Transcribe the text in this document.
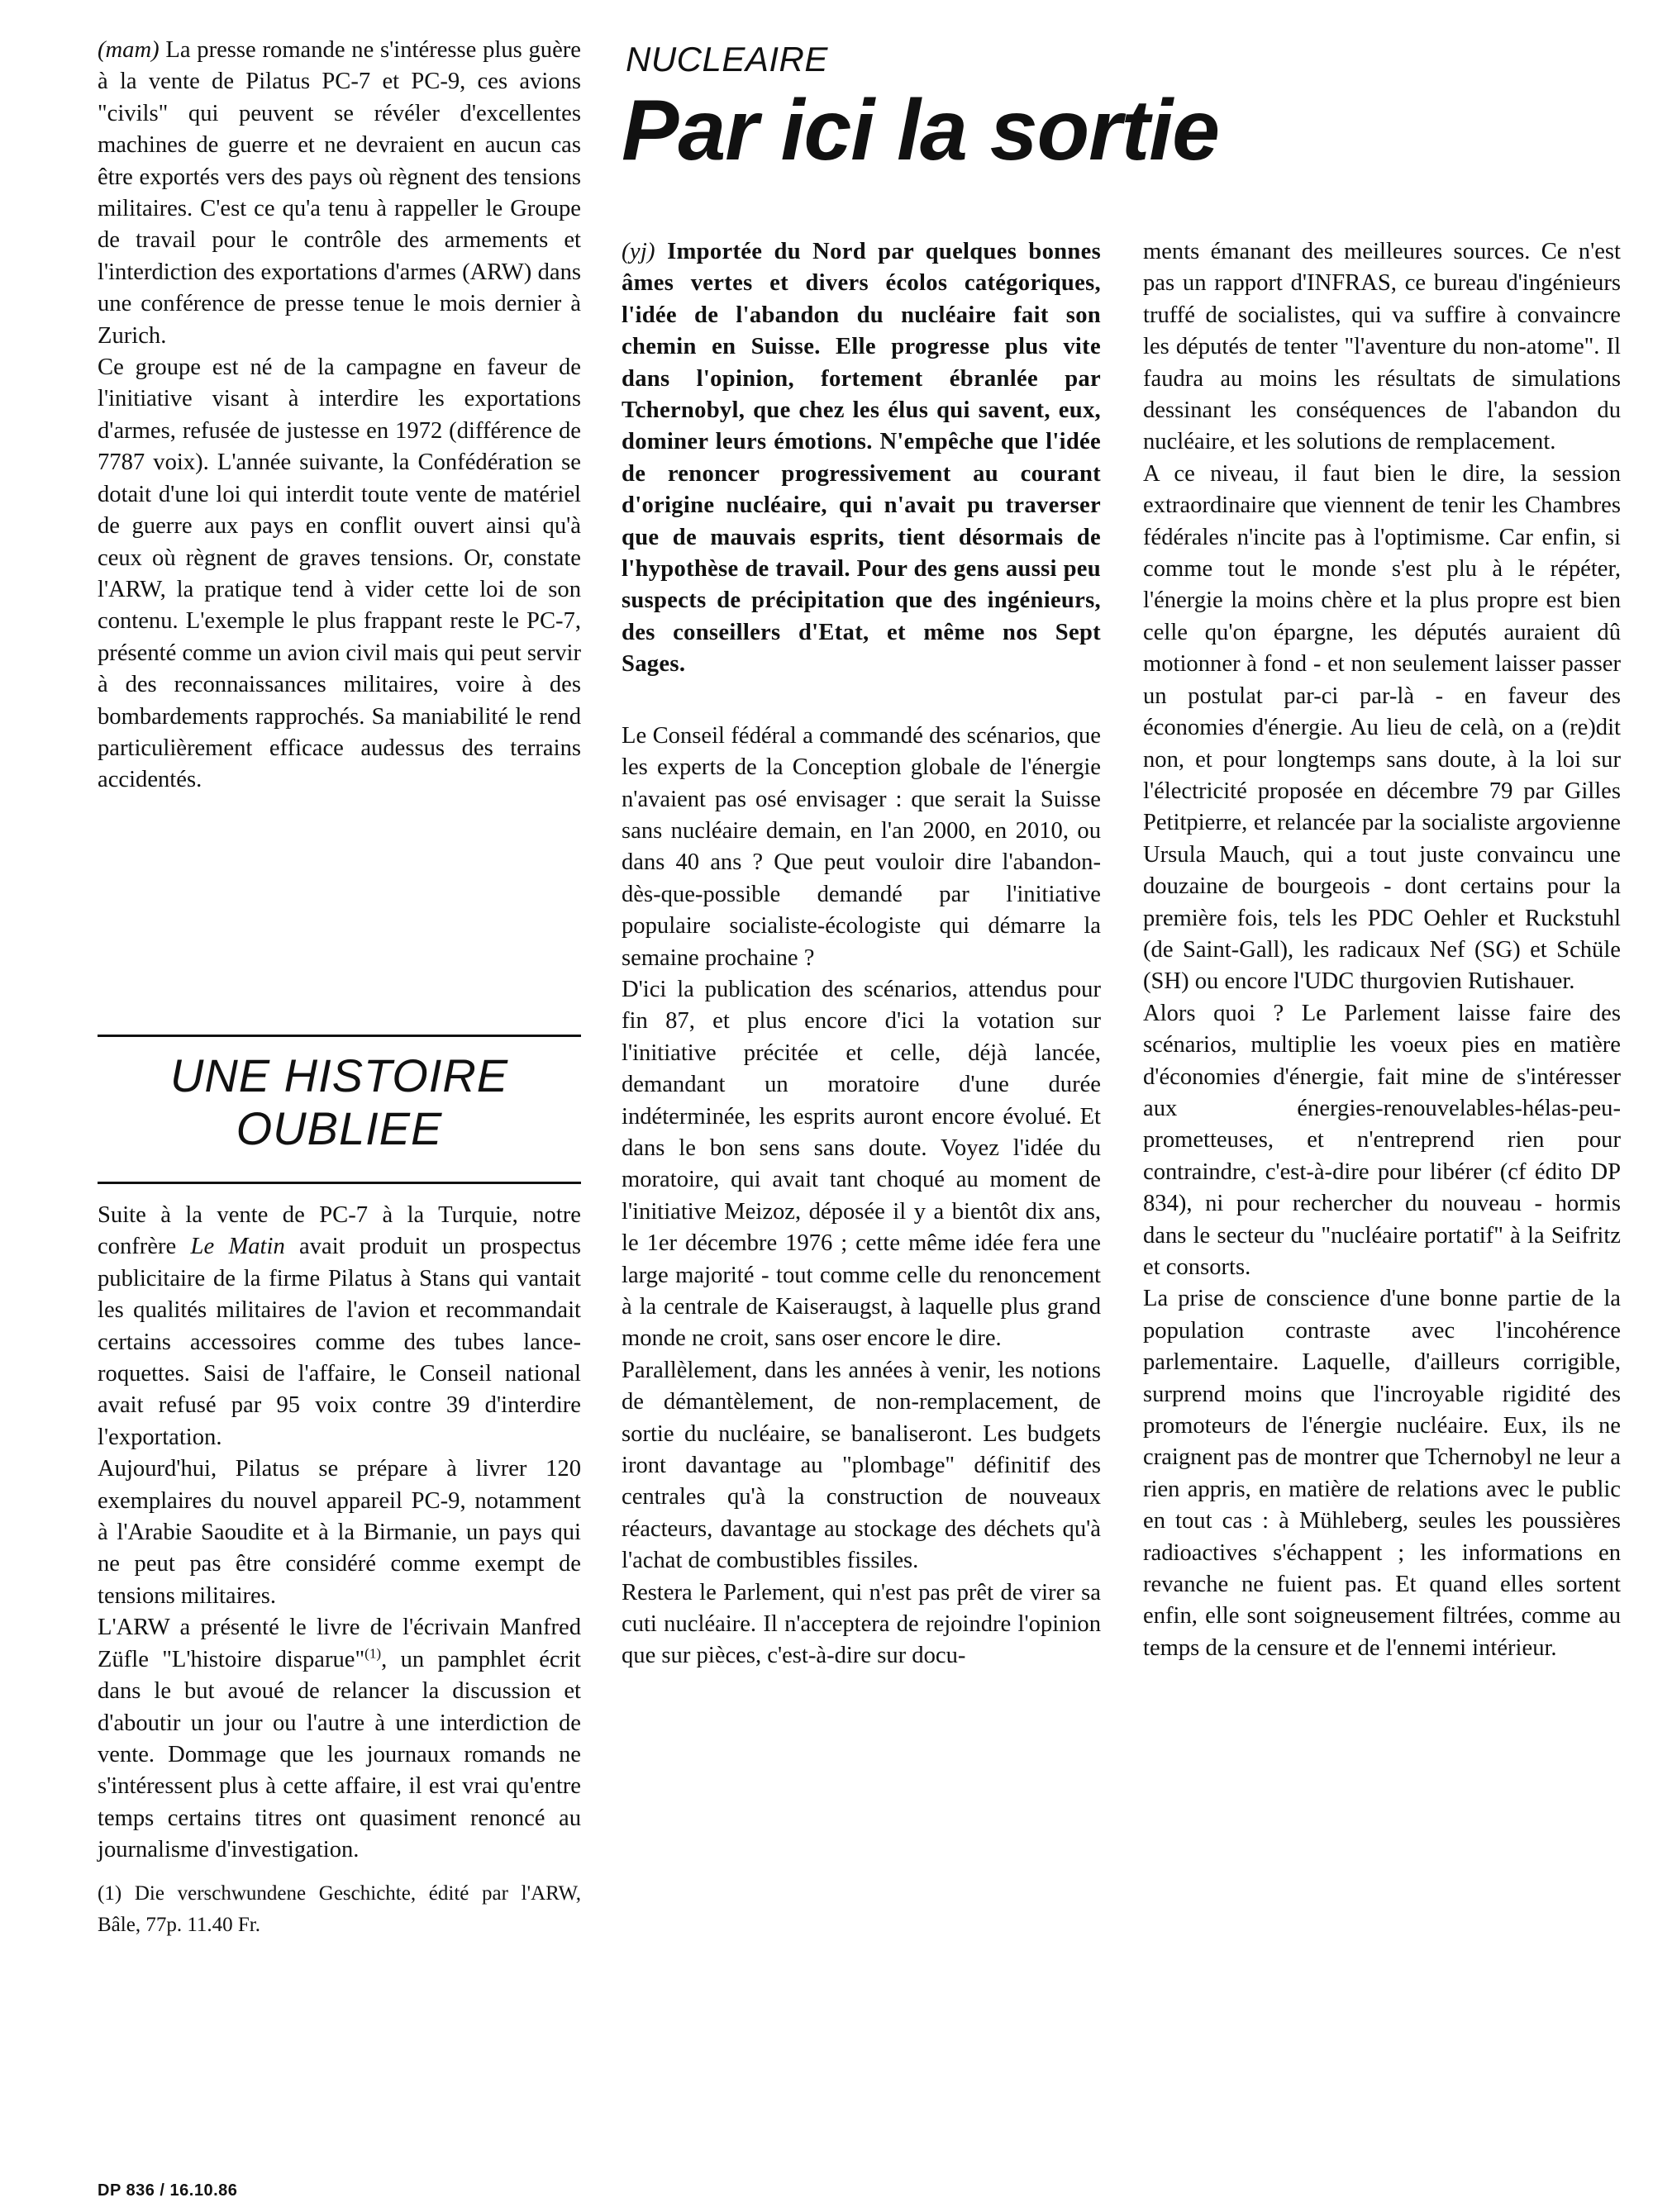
(mam) La presse romande ne s'intéresse plus guère à la vente de Pilatus PC-7 et PC-9, ces avions "civils" qui peuvent se révéler d'excellentes machines de guerre et ne devraient en aucun cas être exportés vers des pays où règnent des tensions militaires. C'est ce qu'a tenu à rappeller le Groupe de travail pour le contrôle des armements et l'interdiction des exportations d'armes (ARW) dans une conférence de presse tenue le mois dernier à Zurich.

Ce groupe est né de la campagne en faveur de l'initiative visant à interdire les exportations d'armes, refusée de justesse en 1972 (différence de 7787 voix). L'année suivante, la Confédération se dotait d'une loi qui interdit toute vente de matériel de guerre aux pays en conflit ouvert ainsi qu'à ceux où règnent de graves tensions. Or, constate l'ARW, la pratique tend à vider cette loi de son contenu. L'exemple le plus frappant reste le PC-7, présenté comme un avion civil mais qui peut servir à des reconnaissances militaires, voire à des bombardements rapprochés. Sa maniabilité le rend particulièrement efficace audessus des terrains accidentés.

UNE HISTOIRE
OUBLIEE

Suite à la vente de PC-7 à la Turquie, notre confrère Le Matin avait produit un prospectus publicitaire de la firme Pilatus à Stans qui vantait les qualités militaires de l'avion et recommandait certains accessoires comme des tubes lance-roquettes. Saisi de l'affaire, le Conseil national avait refusé par 95 voix contre 39 d'interdire l'exportation.

Aujourd'hui, Pilatus se prépare à livrer 120 exemplaires du nouvel appareil PC-9, notamment à l'Arabie Saoudite et à la Birmanie, un pays qui ne peut pas être considéré comme exempt de tensions militaires.

L'ARW a présenté le livre de l'écrivain Manfred Züfle "L'histoire disparue"$^{(1)}$, un pamphlet écrit dans le but avoué de relancer la discussion et d'aboutir un jour ou l'autre à une interdiction de vente. Dommage que les journaux romands ne s'intéressent plus à cette affaire, il est vrai qu'entre temps certains titres ont quasiment renoncé au journalisme d'investigation.

(1) Die verschwundene Geschichte, édité par l'ARW, Bâle, 77p. 11.40 Fr.

NUCLEAIRE
Par ici la sortie

(yj) Importée du Nord par quelques bonnes âmes vertes et divers écolos catégoriques, l'idée de l'abandon du nucléaire fait son chemin en Suisse. Elle progresse plus vite dans l'opinion, fortement ébranlée par Tchernobyl, que chez les élus qui savent, eux, dominer leurs émotions. N'empêche que l'idée de renoncer progressivement au courant d'origine nucléaire, qui n'avait pu traverser que de mauvais esprits, tient désormais de l'hypothèse de travail. Pour des gens aussi peu suspects de précipitation que des ingénieurs, des conseillers d'Etat, et même nos Sept Sages.

Le Conseil fédéral a commandé des scénarios, que les experts de la Conception globale de l'énergie n'avaient pas osé envisager : que serait la Suisse sans nucléaire demain, en l'an 2000, en 2010, ou dans 40 ans ? Que peut vouloir dire l'abandon-dès-que-possible demandé par l'initiative populaire socialiste-écologiste qui démarre la semaine prochaine ?

D'ici la publication des scénarios, attendus pour fin 87, et plus encore d'ici la votation sur l'initiative précitée et celle, déjà lancée, demandant un moratoire d'une durée indéterminée, les esprits auront encore évolué. Et dans le bon sens sans doute. Voyez l'idée du moratoire, qui avait tant choqué au moment de l'initiative Meizoz, déposée il y a bientôt dix ans, le 1er décembre 1976 ; cette même idée fera une large majorité - tout comme celle du renoncement à la centrale de Kaiseraugst, à laquelle plus grand monde ne croit, sans oser encore le dire.

Parallèlement, dans les années à venir, les notions de démantèlement, de non-remplacement, de sortie du nucléaire, se banaliseront. Les budgets iront davantage au "plombage" définitif des centrales qu'à la construction de nouveaux réacteurs, davantage au stockage des déchets qu'à l'achat de combustibles fissiles.

Restera le Parlement, qui n'est pas prêt de virer sa cuti nucléaire. Il n'acceptera de rejoindre l'opinion que sur pièces, c'est-à-dire sur docu-

ments émanant des meilleures sources. Ce n'est pas un rapport d'INFRAS, ce bureau d'ingénieurs truffé de socialistes, qui va suffire à convaincre les députés de tenter "l'aventure du non-atome". Il faudra au moins les résultats de simulations dessinant les conséquences de l'abandon du nucléaire, et les solutions de remplacement.

A ce niveau, il faut bien le dire, la session extraordinaire que viennent de tenir les Chambres fédérales n'incite pas à l'optimisme. Car enfin, si comme tout le monde s'est plu à le répéter, l'énergie la moins chère et la plus propre est bien celle qu'on épargne, les députés auraient dû motionner à fond - et non seulement laisser passer un postulat par-ci par-là - en faveur des économies d'énergie. Au lieu de celà, on a (re)dit non, et pour longtemps sans doute, à la loi sur l'électricité proposée en décembre 79 par Gilles Petitpierre, et relancée par la socialiste argovienne Ursula Mauch, qui a tout juste convaincu une douzaine de bourgeois - dont certains pour la première fois, tels les PDC Oehler et Ruckstuhl (de Saint-Gall), les radicaux Nef (SG) et Schüle (SH) ou encore l'UDC thurgovien Rutishauer.

Alors quoi ? Le Parlement laisse faire des scénarios, multiplie les voeux pies en matière d'économies d'énergie, fait mine de s'intéresser aux énergies-renouvelables-hélas-peu-prometteuses, et n'entreprend rien pour contraindre, c'est-à-dire pour libérer (cf édito DP 834), ni pour rechercher du nouveau - hormis dans le secteur du "nucléaire portatif" à la Seifritz et consorts.

La prise de conscience d'une bonne partie de la population contraste avec l'incohérence parlementaire. Laquelle, d'ailleurs corrigible, surprend moins que l'incroyable rigidité des promoteurs de l'énergie nucléaire. Eux, ils ne craignent pas de montrer que Tchernobyl ne leur a rien appris, en matière de relations avec le public en tout cas : à Mühleberg, seules les poussières radioactives s'échappent ; les informations en revanche ne fuient pas. Et quand elles sortent enfin, elle sont soigneusement filtrées, comme au temps de la censure et de l'ennemi intérieur.

DP 836 / 16.10.86
